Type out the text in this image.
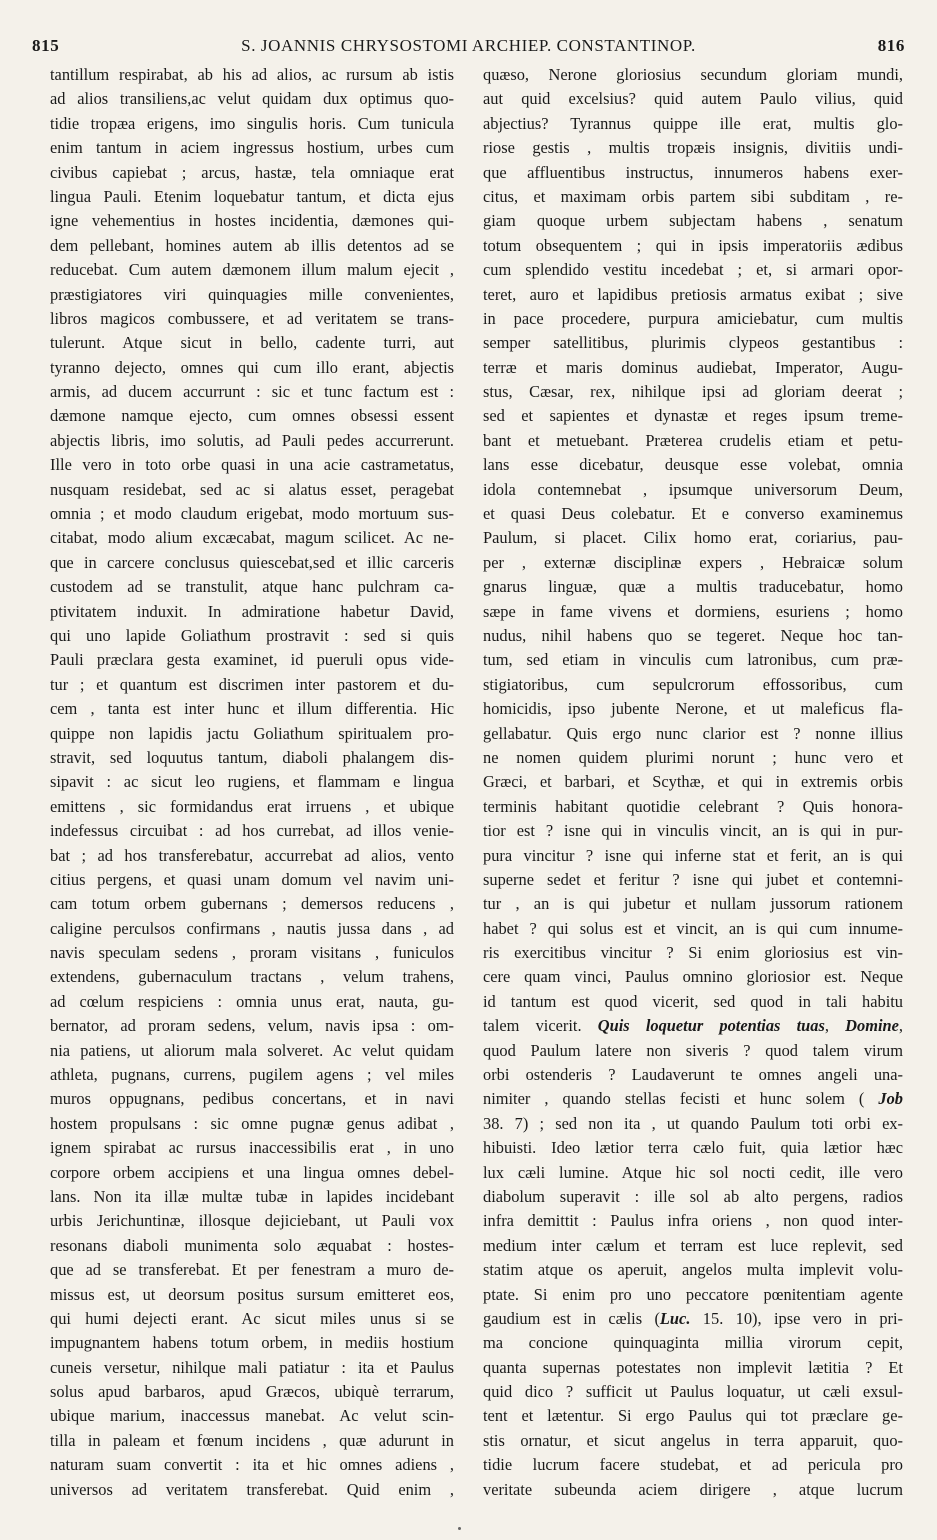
815	S. JOANNIS CHRYSOSTOMI ARCHIEP. CONSTANTINOP.	816
tantillum respirabat, ab his ad alios, ac rursum ab istis
ad alios transiliens,ac velut quidam dux optimus quo-
tidie tropæa erigens, imo singulis horis. Cum tunicula
enim tantum in aciem ingressus hostium, urbes cum
civibus capiebat ; arcus, hastæ, tela omniaque erat
lingua Pauli. Etenim loquebatur tantum, et dicta ejus
igne vehementius in hostes incidentia, dæmones qui-
dem pellebant, homines autem ab illis detentos ad se
reducebat. Cum autem dæmonem illum malum ejecit ,
præstigiatores viri quinquagies mille convenientes,
libros magicos combussere, et ad veritatem se trans-
tulerunt. Atque sicut in bello, cadente turri, aut
tyranno dejecto, omnes qui cum illo erant, abjectis
armis, ad ducem accurrunt : sic et tunc factum est :
dæmone namque ejecto, cum omnes obsessi essent
abjectis libris, imo solutis, ad Pauli pedes accurrerunt.
Ille vero in toto orbe quasi in una acie castrametatus,
nusquam residebat, sed ac si alatus esset, peragebat
omnia ; et modo claudum erigebat, modo mortuum sus-
citabat, modo alium excæcabat, magum scilicet. Ac ne-
que in carcere conclusus quiescebat,sed et illic carceris
custodem ad se transtulit, atque hanc pulchram ca-
ptivitatem induxit. In admiratione habetur David,
qui uno lapide Goliathum prostravit : sed si quis
Pauli præclara gesta examinet, id pueruli opus vide-
tur ; et quantum est discrimen inter pastorem et du-
cem , tanta est inter hunc et illum differentia. Hic
quippe non lapidis jactu Goliathum spiritualem pro-
stravit, sed loquutus tantum, diaboli phalangem dis-
sipavit : ac sicut leo rugiens, et flammam e lingua
emittens , sic formidandus erat irruens , et ubique
indefessus circuibat : ad hos currebat, ad illos venie-
bat ; ad hos transferebatur, accurrebat ad alios, vento
citius pergens, et quasi unam domum vel navim uni-
cam totum orbem gubernans ; demersos reducens ,
caligine perculsos confirmans , nautis jussa dans , ad
navis speculam sedens , proram visitans , funiculos
extendens, gubernaculum tractans , velum trahens,
ad cœlum respiciens : omnia unus erat, nauta, gu-
bernator, ad proram sedens, velum, navis ipsa : om-
nia patiens, ut aliorum mala solveret. Ac velut quidam
athleta, pugnans, currens, pugilem agens ; vel miles
muros oppugnans, pedibus concertans, et in navi
hostem propulsans : sic omne pugnæ genus adibat ,
ignem spirabat ac rursus inaccessibilis erat , in uno
corpore orbem accipiens et una lingua omnes debel-
lans. Non ita illæ multæ tubæ in lapides incidebant
urbis Jerichuntinæ, illosque dejiciebant, ut Pauli vox
resonans diaboli munimenta solo æquabat : hostes-
que ad se transferebat. Et per fenestram a muro de-
missus est, ut deorsum positus sursum emitteret eos,
qui humi dejecti erant. Ac sicut miles unus si se
impugnantem habens totum orbem, in mediis hostium
cuneis versetur, nihilque mali patiatur : ita et Paulus
solus apud barbaros, apud Græcos, ubiquè terrarum,
ubique marium, inaccessus manebat. Ac velut scin-
tilla in paleam et fœnum incidens , quæ adurunt in
naturam suam convertit : ita et hic omnes adiens ,
universos ad veritatem transferebat. Quid enim ,
quæso, Nerone gloriosius secundum gloriam mundi,
aut quid excelsius? quid autem Paulo vilius, quid
abjectius? Tyrannus quippe ille erat, multis glo-
riose gestis , multis tropæis insignis, divitiis undi-
que affluentibus instructus, innumeros habens exer-
citus, et maximam orbis partem sibi subditam , re-
giam quoque urbem subjectam habens , senatum
totum obsequentem ; qui in ipsis imperatoriis ædibus
cum splendido vestitu incedebat ; et, si armari opor-
teret, auro et lapidibus pretiosis armatus exibat ; sive
in pace procedere, purpura amiciebatur, cum multis
semper satellitibus, plurimis clypeos gestantibus :
terræ et maris dominus audiebat, Imperator, Augu-
stus, Cæsar, rex, nihilque ipsi ad gloriam deerat ;
sed et sapientes et dynastæ et reges ipsum treme-
bant et metuebant. Præterea crudelis etiam et petu-
lans esse dicebatur, deusque esse volebat, omnia
idola contemnebat , ipsumque universorum Deum,
et quasi Deus colebatur. Et e converso examinemus
Paulum, si placet. Cilix homo erat, coriarius, pau-
per , externæ disciplinæ expers , Hebraicæ solum
gnarus linguæ, quæ a multis traducebatur, homo
sæpe in fame vivens et dormiens, esuriens ; homo
nudus, nihil habens quo se tegeret. Neque hoc tan-
tum, sed etiam in vinculis cum latronibus, cum præ-
stigiatoribus, cum sepulcrorum effossoribus, cum
homicidis, ipso jubente Nerone, et ut maleficus fla-
gellabatur. Quis ergo nunc clarior est ? nonne illius
ne nomen quidem plurimi norunt ; hunc vero et
Græci, et barbari, et Scythæ, et qui in extremis orbis
terminis habitant quotidie celebrant ? Quis honora-
tior est ? isne qui in vinculis vincit, an is qui in pur-
pura vincitur ? isne qui inferne stat et ferit, an is qui
superne sedet et feritur ? isne qui jubet et contemni-
tur , an is qui jubetur et nullam jussorum rationem
habet ? qui solus est et vincit, an is qui cum innume-
ris exercitibus vincitur ? Si enim gloriosius est vin-
cere quam vinci, Paulus omnino gloriosior est. Neque
id tantum est quod vicerit, sed quod in tali habitu
talem vicerit. Quis loquetur potentias tuas, Domine,
quod Paulum latere non siveris ? quod talem virum
orbi ostenderis ? Laudaverunt te omnes angeli una-
nimiter , quando stellas fecisti et hunc solem ( Job
38. 7) ; sed non ita , ut quando Paulum toti orbi ex-
hibuisti. Ideo lætior terra cælo fuit, quia lætior hæc
lux cæli lumine. Atque hic sol nocti cedit, ille vero
diabolum superavit : ille sol ab alto pergens, radios
infra demittit : Paulus infra oriens , non quod inter-
medium inter cælum et terram est luce replevit, sed
statim atque os aperuit, angelos multa implevit volu-
ptate. Si enim pro uno peccatore pœnitentiam agente
gaudium est in cælis (Luc. 15. 10), ipse vero in pri-
ma concione quinquaginta millia virorum cepit,
quanta supernas potestates non implevit lætitia ? Et
quid dico ? sufficit ut Paulus loquatur, ut cæli exsul-
tent et lætentur. Si ergo Paulus qui tot præclare ge-
stis ornatur, et sicut angelus in terra apparuit, quo-
tidie lucrum facere studebat, et ad pericula pro
veritate subeunda aciem dirigere , atque lucrum
